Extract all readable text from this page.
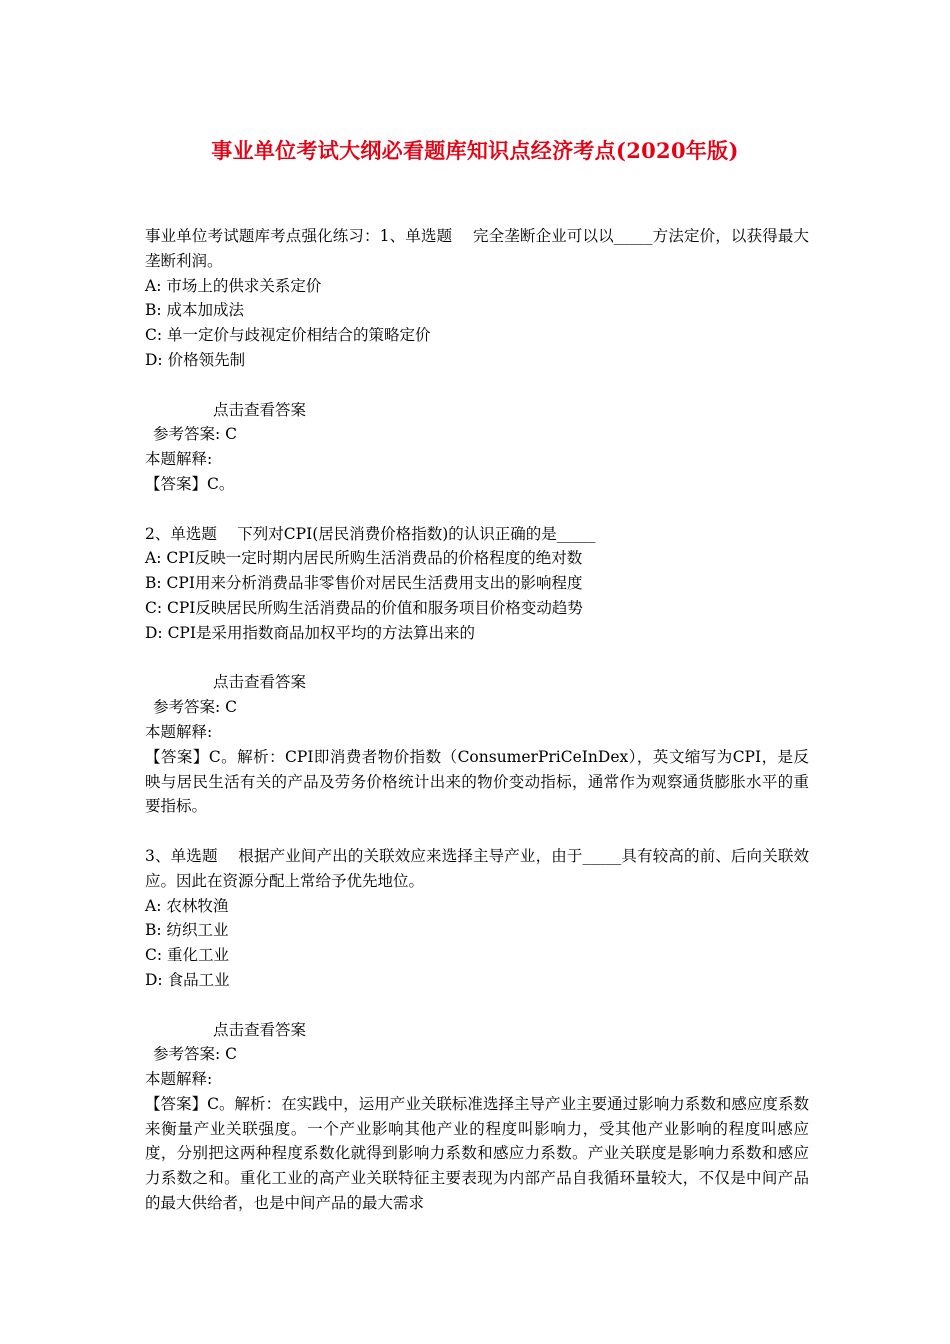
事业单位考试大纲必看题库知识点经济考点(2020年版)
事业单位考试题库考点强化练习：1、单选题　 完全垄断企业可以以_____方法定价，以获得最大垄断利润。
A: 市场上的供求关系定价
B: 成本加成法
C: 单一定价与歧视定价相结合的策略定价
D: 价格领先制
点击查看答案
参考答案: C
本题解释:
【答案】C。
2、单选题　 下列对CPI(居民消费价格指数)的认识正确的是_____
A: CPI反映一定时期内居民所购生活消费品的价格程度的绝对数
B: CPI用来分析消费品非零售价对居民生活费用支出的影响程度
C: CPI反映居民所购生活消费品的价值和服务项目价格变动趋势
D: CPI是采用指数商品加权平均的方法算出来的
点击查看答案
参考答案: C
本题解释:
【答案】C。解析：CPI即消费者物价指数（ConsumerPriCeInDex），英文缩写为CPI，是反映与居民生活有关的产品及劳务价格统计出来的物价变动指标，通常作为观察通货膨胀水平的重要指标。
3、单选题　 根据产业间产出的关联效应来选择主导产业，由于_____具有较高的前、后向关联效应。因此在资源分配上常给予优先地位。
A: 农林牧渔
B: 纺织工业
C: 重化工业
D: 食品工业
点击查看答案
参考答案: C
本题解释:
【答案】C。解析：在实践中，运用产业关联标准选择主导产业主要通过影响力系数和感应度系数来衡量产业关联强度。一个产业影响其他产业的程度叫影响力，受其他产业影响的程度叫感应度，分别把这两种程度系数化就得到影响力系数和感应力系数。产业关联度是影响力系数和感应力系数之和。重化工业的高产业关联特征主要表现为内部产品自我循环量较大，不仅是中间产品的最大供给者，也是中间产品的最大需求
